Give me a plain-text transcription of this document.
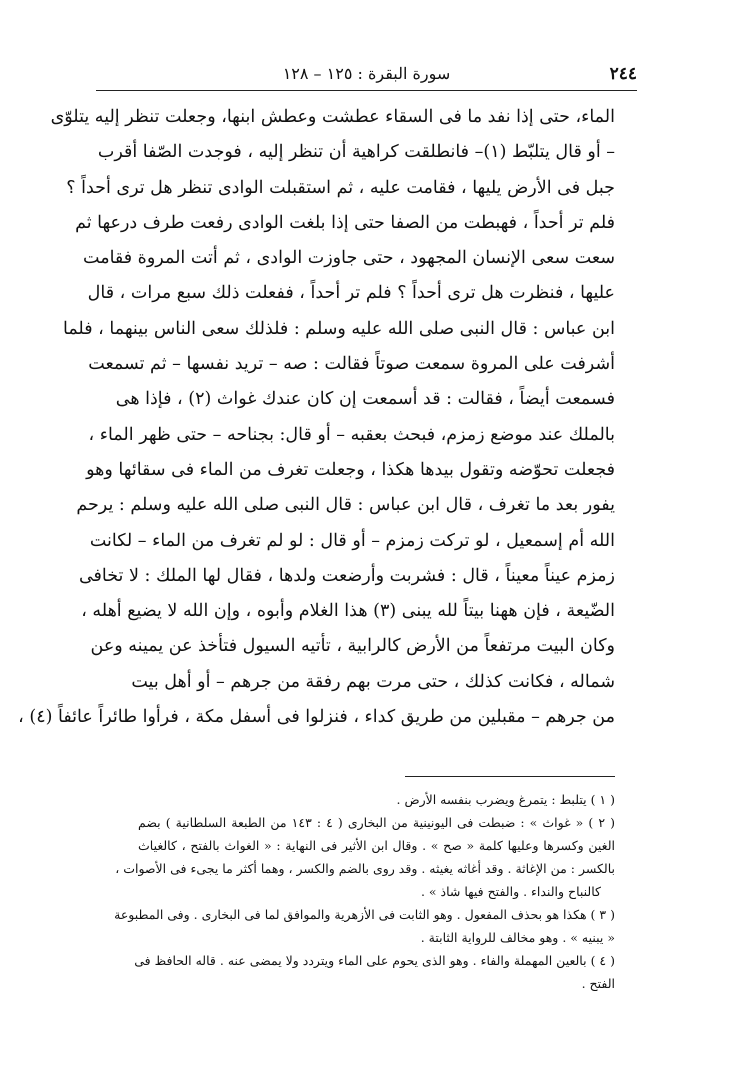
٢٤٤
سورة البقرة : ١٢٥ – ١٢٨
الماء، حتى إذا نفد ما فى السقاء عطشت وعطش ابنها، وجعلت تنظر إليه يتلوّى
– أو قال يتلبّط (١)– فانطلقت كراهية أن تنظر إليه ، فوجدت الصّفا أقرب
جبل فى الأرض يليها ، فقامت عليه ، ثم استقبلت الوادى تنظر هل ترى أحداً ؟
فلم تر أحداً ، فهبطت من الصفا حتى إذا بلغت الوادى رفعت طرف درعها ثم
سعت سعى الإنسان المجهود ، حتى جاوزت الوادى ، ثم أتت المروة فقامت
عليها ، فنظرت هل ترى أحداً ؟ فلم تر أحداً ، ففعلت ذلك سبع مرات ، قال
ابن عباس : قال النبى صلى الله عليه وسلم : فلذلك سعى الناس بينهما ، فلما
أشرفت على المروة سمعت صوتاً فقالت : صه – تريد نفسها – ثم تسمعت
فسمعت أيضاً ، فقالت : قد أسمعت إن كان عندك غواث (٢) ، فإذا هى
بالملك عند موضع زمزم، فبحث بعقبه – أو قال: بجناحه – حتى ظهر الماء ،
فجعلت تحوّضه وتقول بيدها هكذا ، وجعلت تغرف من الماء فى سقائها وهو
يفور بعد ما تغرف ، قال ابن عباس : قال النبى صلى الله عليه وسلم : يرحم
الله أم إسمعيل ، لو تركت زمزم – أو قال : لو لم تغرف من الماء – لكانت
زمزم عيناً معيناً ، قال : فشربت وأرضعت ولدها ، فقال لها الملك : لا تخافى
الضّيعة ، فإن ههنا بيتاً لله يبنى (٣) هذا الغلام وأبوه ، وإن الله لا يضيع أهله ،
وكان البيت مرتفعاً من الأرض كالرابية ، تأتيه السيول فتأخذ عن يمينه وعن
شماله ، فكانت كذلك ، حتى مرت بهم رفقة من جرهم – أو أهل بيت
من جرهم – مقبلين من طريق كداء ، فنزلوا فى أسفل مكة ، فرأوا طائراً عائفاً (٤) ،
( ١ ) يتلبط : يتمرغ ويضرب بنفسه الأرض .
( ٢ ) « غواث » : ضبطت فى اليونينية من البخارى ( ٤ : ١٤٣ من الطبعة السلطانية ) بضم
الغين وكسرها وعليها كلمة « صح » . وقال ابن الأثير فى النهاية : « الغواث بالفتح ، كالغياث
بالكسر : من الإغاثة . وقد أغاثه يغيثه . وقد روى بالضم والكسر ، وهما أكثر ما يجىء فى الأصوات ،
كالنباح والنداء . والفتح فيها شاذ » .
( ٣ ) هكذا هو بحذف المفعول . وهو الثابت فى الأزهرية والموافق لما فى البخارى . وفى المطبوعة
« يبنيه » . وهو مخالف للرواية الثابتة .
( ٤ ) بالعين المهملة والفاء . وهو الذى يحوم على الماء ويتردد ولا يمضى عنه . قاله الحافظ فى
الفتح .
